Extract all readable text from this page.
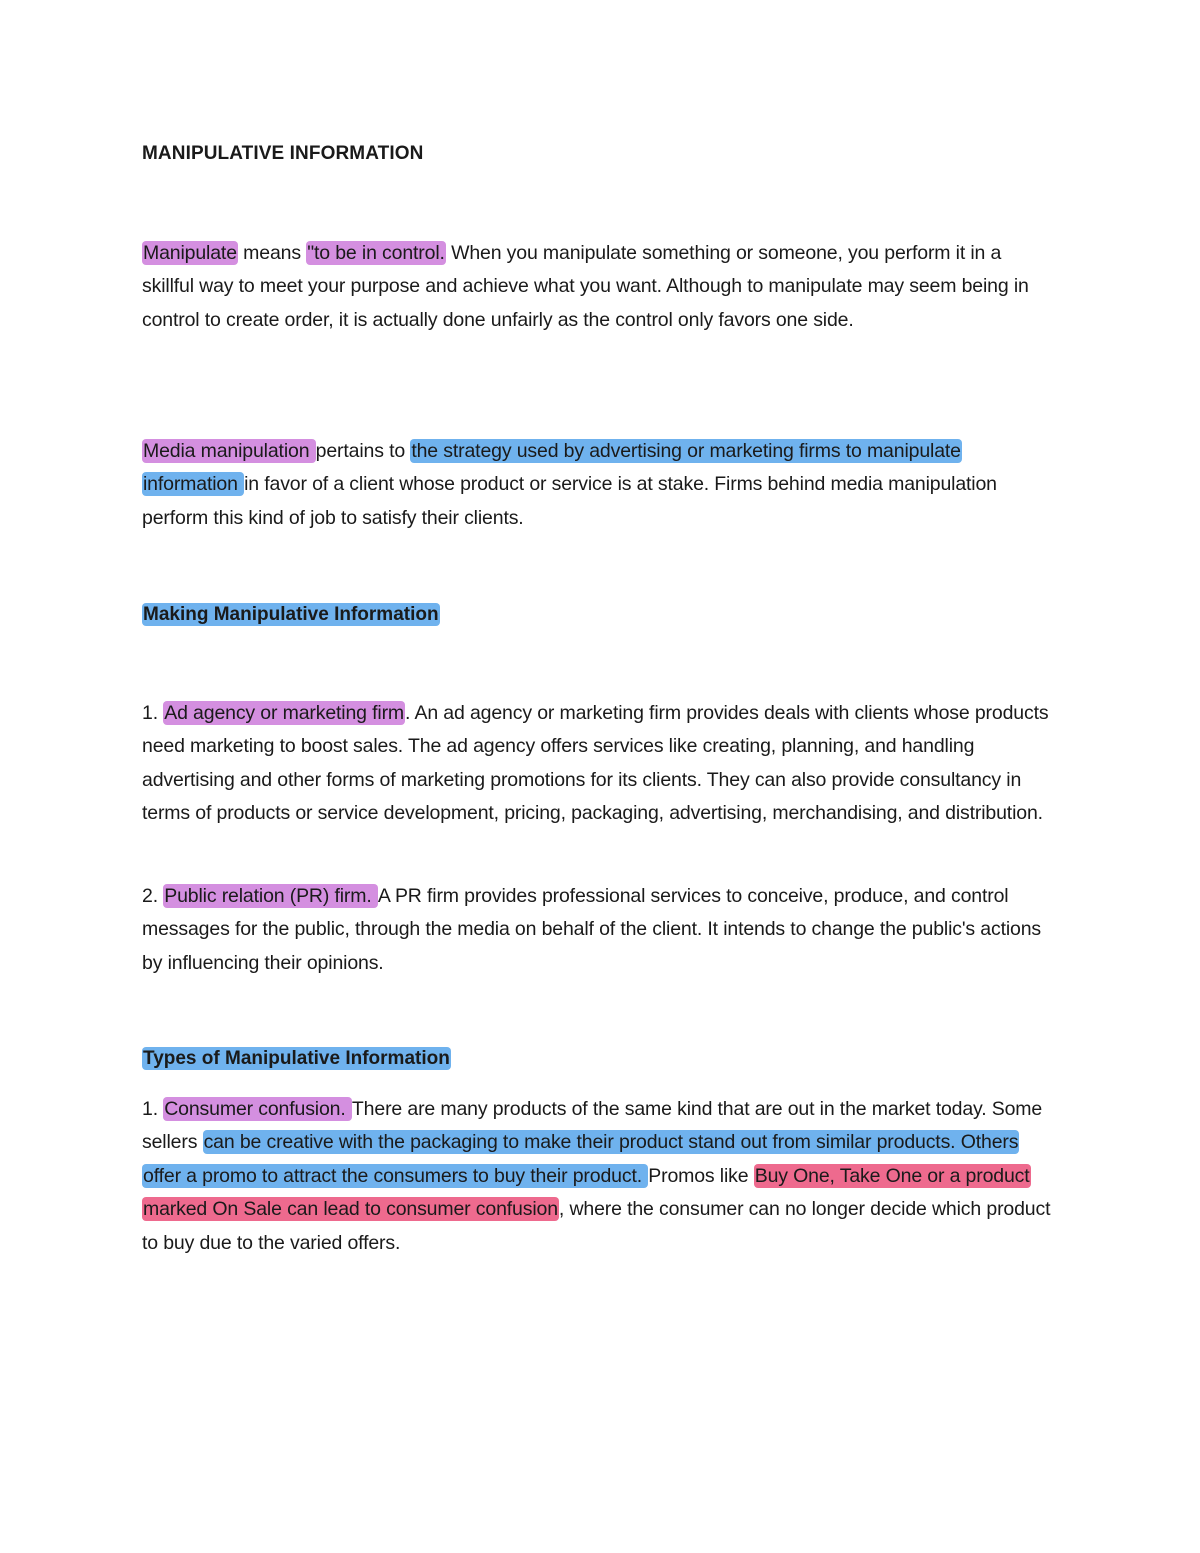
MANIPULATIVE INFORMATION

Manipulate means "to be in control. When you manipulate something or someone, you perform it in a skillful way to meet your purpose and achieve what you want. Although to manipulate may seem being in control to create order, it is actually done unfairly as the control only favors one side.

Media manipulation pertains to the strategy used by advertising or marketing firms to manipulate information in favor of a client whose product or service is at stake. Firms behind media manipulation perform this kind of job to satisfy their clients.

Making Manipulative Information

1. Ad agency or marketing firm. An ad agency or marketing firm provides deals with clients whose products need marketing to boost sales. The ad agency offers services like creating, planning, and handling advertising and other forms of marketing promotions for its clients. They can also provide consultancy in terms of products or service development, pricing, packaging, advertising, merchandising, and distribution.

2. Public relation (PR) firm. A PR firm provides professional services to conceive, produce, and control messages for the public, through the media on behalf of the client. It intends to change the public's actions by influencing their opinions.

Types of Manipulative Information

1. Consumer confusion. There are many products of the same kind that are out in the market today. Some sellers can be creative with the packaging to make their product stand out from similar products. Others offer a promo to attract the consumers to buy their product. Promos like Buy One, Take One or a product marked On Sale can lead to consumer confusion, where the consumer can no longer decide which product to buy due to the varied offers.
